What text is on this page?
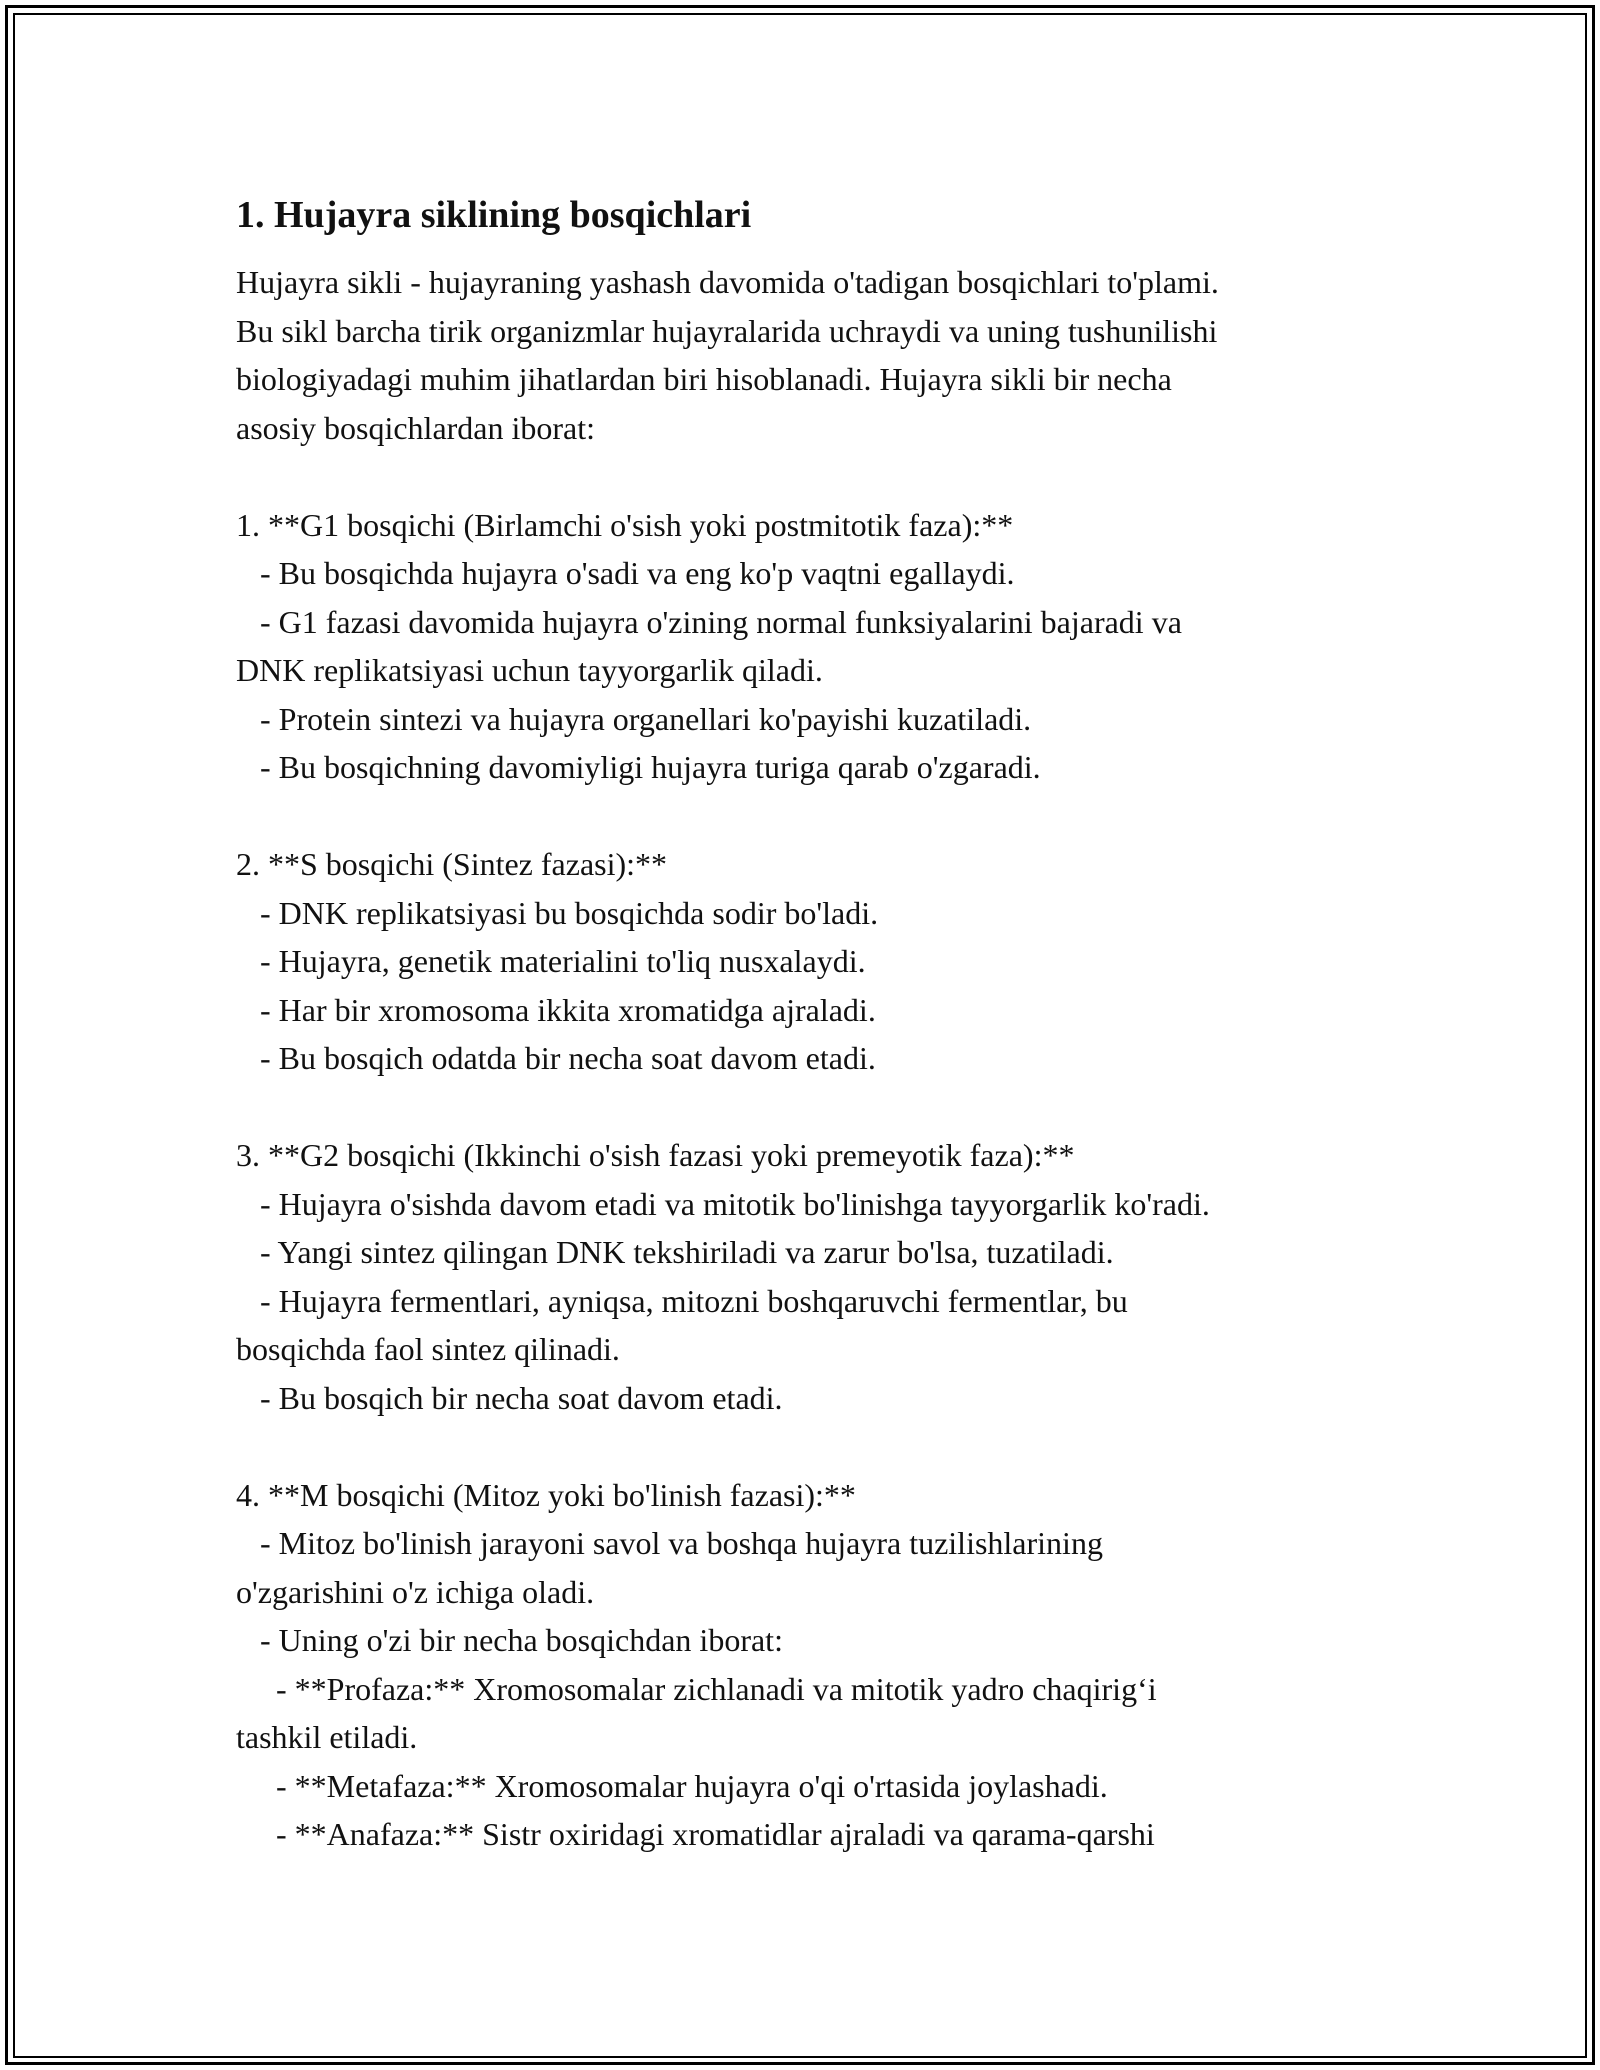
1. Hujayra siklining bosqichlari
Hujayra sikli - hujayraning yashash davomida o'tadigan bosqichlari to'plami.
Bu sikl barcha tirik organizmlar hujayralarida uchraydi va uning tushunilishi
biologiyadagi muhim jihatlardan biri hisoblanadi. Hujayra sikli bir necha
asosiy bosqichlardan iborat:
1. **G1 bosqichi (Birlamchi o'sish yoki postmitotik faza):**
- Bu bosqichda hujayra o'sadi va eng ko'p vaqtni egallaydi.
- G1 fazasi davomida hujayra o'zining normal funksiyalarini bajaradi va
DNK replikatsiyasi uchun tayyorgarlik qiladi.
- Protein sintezi va hujayra organellari ko'payishi kuzatiladi.
- Bu bosqichning davomiyligi hujayra turiga qarab o'zgaradi.
2. **S bosqichi (Sintez fazasi):**
- DNK replikatsiyasi bu bosqichda sodir bo'ladi.
- Hujayra, genetik materialini to'liq nusxalaydi.
- Har bir xromosoma ikkita xromatidga ajraladi.
- Bu bosqich odatda bir necha soat davom etadi.
3. **G2 bosqichi (Ikkinchi o'sish fazasi yoki premeyotik faza):**
- Hujayra o'sishda davom etadi va mitotik bo'linishga tayyorgarlik ko'radi.
- Yangi sintez qilingan DNK tekshiriladi va zarur bo'lsa, tuzatiladi.
- Hujayra fermentlari, ayniqsa, mitozni boshqaruvchi fermentlar, bu
bosqichda faol sintez qilinadi.
- Bu bosqich bir necha soat davom etadi.
4. **M bosqichi (Mitoz yoki bo'linish fazasi):**
- Mitoz bo'linish jarayoni savol va boshqa hujayra tuzilishlarining
o'zgarishini o'z ichiga oladi.
- Uning o'zi bir necha bosqichdan iborat:
- **Profaza:** Xromosomalar zichlanadi va mitotik yadro chaqirig‘i
tashkil etiladi.
- **Metafaza:** Xromosomalar hujayra o'qi o'rtasida joylashadi.
- **Anafaza:** Sistr oxiridagi xromatidlar ajraladi va qarama-qarshi
